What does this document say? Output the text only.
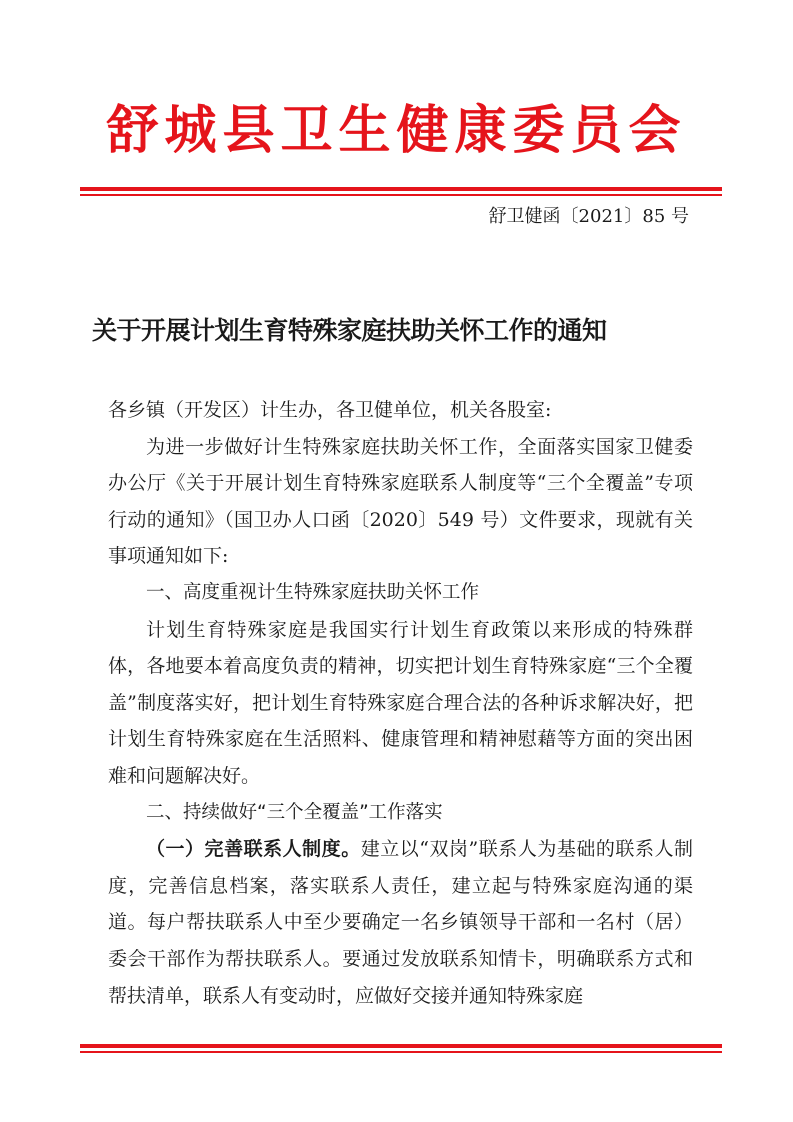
舒城县卫生健康委员会
舒卫健函〔2021〕85 号
关于开展计划生育特殊家庭扶助关怀工作的通知

各乡镇（开发区）计生办，各卫健单位，机关各股室:

为进一步做好计生特殊家庭扶助关怀工作，全面落实国家卫健委办公厅《关于开展计划生育特殊家庭联系人制度等“三个全覆盖”专项行动的通知》（国卫办人口函〔2020〕549 号）文件要求，现就有关事项通知如下:

一、高度重视计生特殊家庭扶助关怀工作

计划生育特殊家庭是我国实行计划生育政策以来形成的特殊群体，各地要本着高度负责的精神，切实把计划生育特殊家庭“三个全覆盖”制度落实好，把计划生育特殊家庭合理合法的各种诉求解决好，把计划生育特殊家庭在生活照料、健康管理和精神慰藉等方面的突出困难和问题解决好。

二、持续做好“三个全覆盖”工作落实

（一）完善联系人制度。建立以“双岗”联系人为基础的联系人制度，完善信息档案，落实联系人责任，建立起与特殊家庭沟通的渠道。每户帮扶联系人中至少要确定一名乡镇领导干部和一名村（居）委会干部作为帮扶联系人。要通过发放联系知情卡，明确联系方式和帮扶清单，联系人有变动时，应做好交接并通知特殊家庭
